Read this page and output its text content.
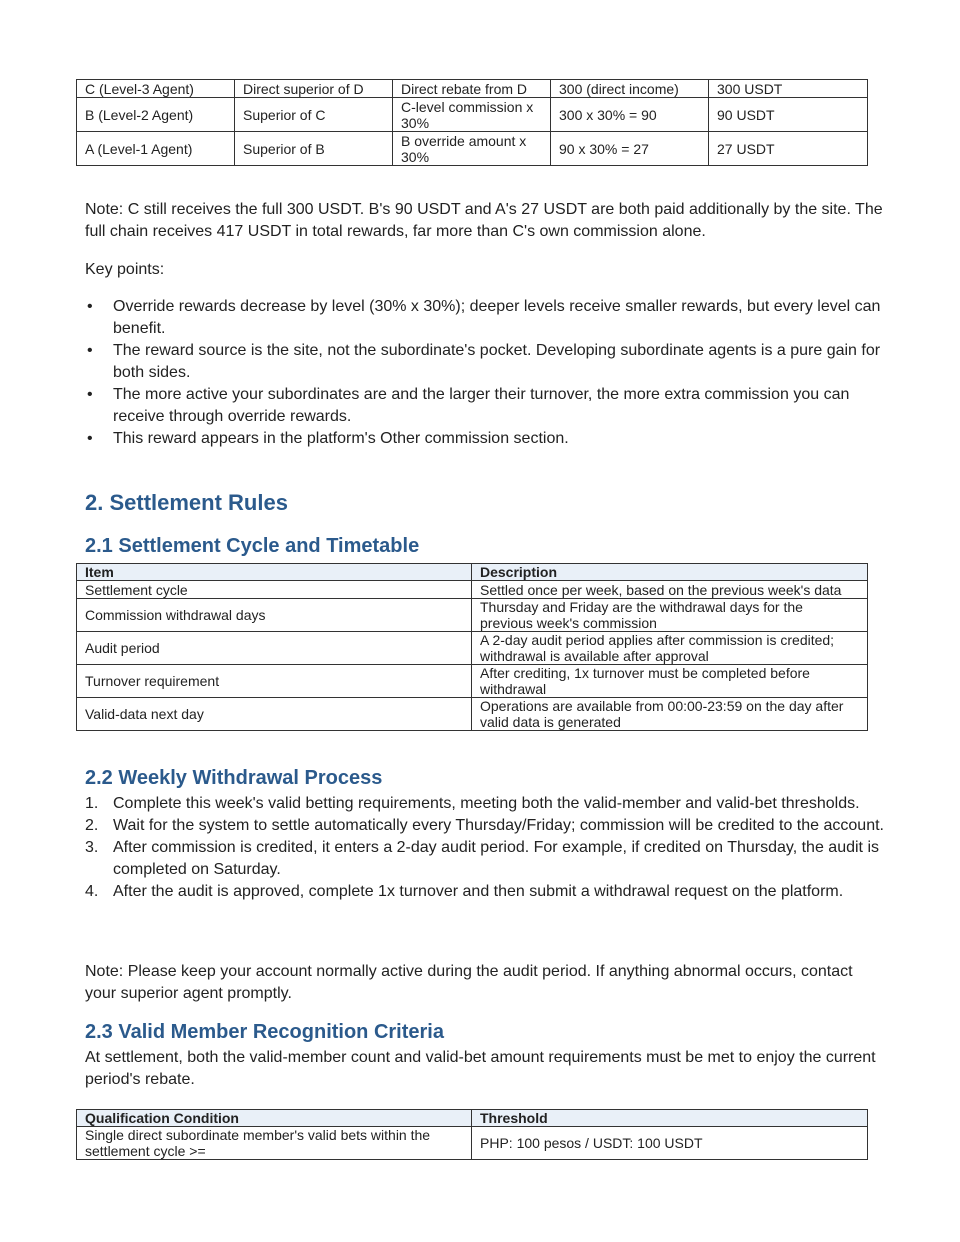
C (Level-3 Agent)	Direct superior of D	Direct rebate from D	300 (direct income)	300 USDT
B (Level-2 Agent)	Superior of C	C-level commission x 30%	300 x 30% = 90	90 USDT
A (Level-1 Agent)	Superior of B	B override amount x 30%	90 x 30% = 27	27 USDT

Note: C still receives the full 300 USDT. B's 90 USDT and A's 27 USDT are both paid additionally by the site. The full chain receives 417 USDT in total rewards, far more than C's own commission alone.

Key points:

• Override rewards decrease by level (30% x 30%); deeper levels receive smaller rewards, but every level can benefit.
• The reward source is the site, not the subordinate's pocket. Developing subordinate agents is a pure gain for both sides.
• The more active your subordinates are and the larger their turnover, the more extra commission you can receive through override rewards.
• This reward appears in the platform's Other commission section.
2. Settlement Rules
2.1 Settlement Cycle and Timetable
Item	Description
Settlement cycle	Settled once per week, based on the previous week's data
Commission withdrawal days	Thursday and Friday are the withdrawal days for the previous week's commission
Audit period	A 2-day audit period applies after commission is credited; withdrawal is available after approval
Turnover requirement	After crediting, 1x turnover must be completed before withdrawal
Valid-data next day	Operations are available from 00:00-23:59 on the day after valid data is generated
2.2 Weekly Withdrawal Process
1. Complete this week's valid betting requirements, meeting both the valid-member and valid-bet thresholds.
2. Wait for the system to settle automatically every Thursday/Friday; commission will be credited to the account.
3. After commission is credited, it enters a 2-day audit period. For example, if credited on Thursday, the audit is completed on Saturday.
4. After the audit is approved, complete 1x turnover and then submit a withdrawal request on the platform.

Note: Please keep your account normally active during the audit period. If anything abnormal occurs, contact your superior agent promptly.

2.3 Valid Member Recognition Criteria

At settlement, both the valid-member count and valid-bet amount requirements must be met to enjoy the current period's rebate.

Qualification Condition	Threshold
Single direct subordinate member's valid bets within the settlement cycle >=	PHP: 100 pesos / USDT: 100 USDT
